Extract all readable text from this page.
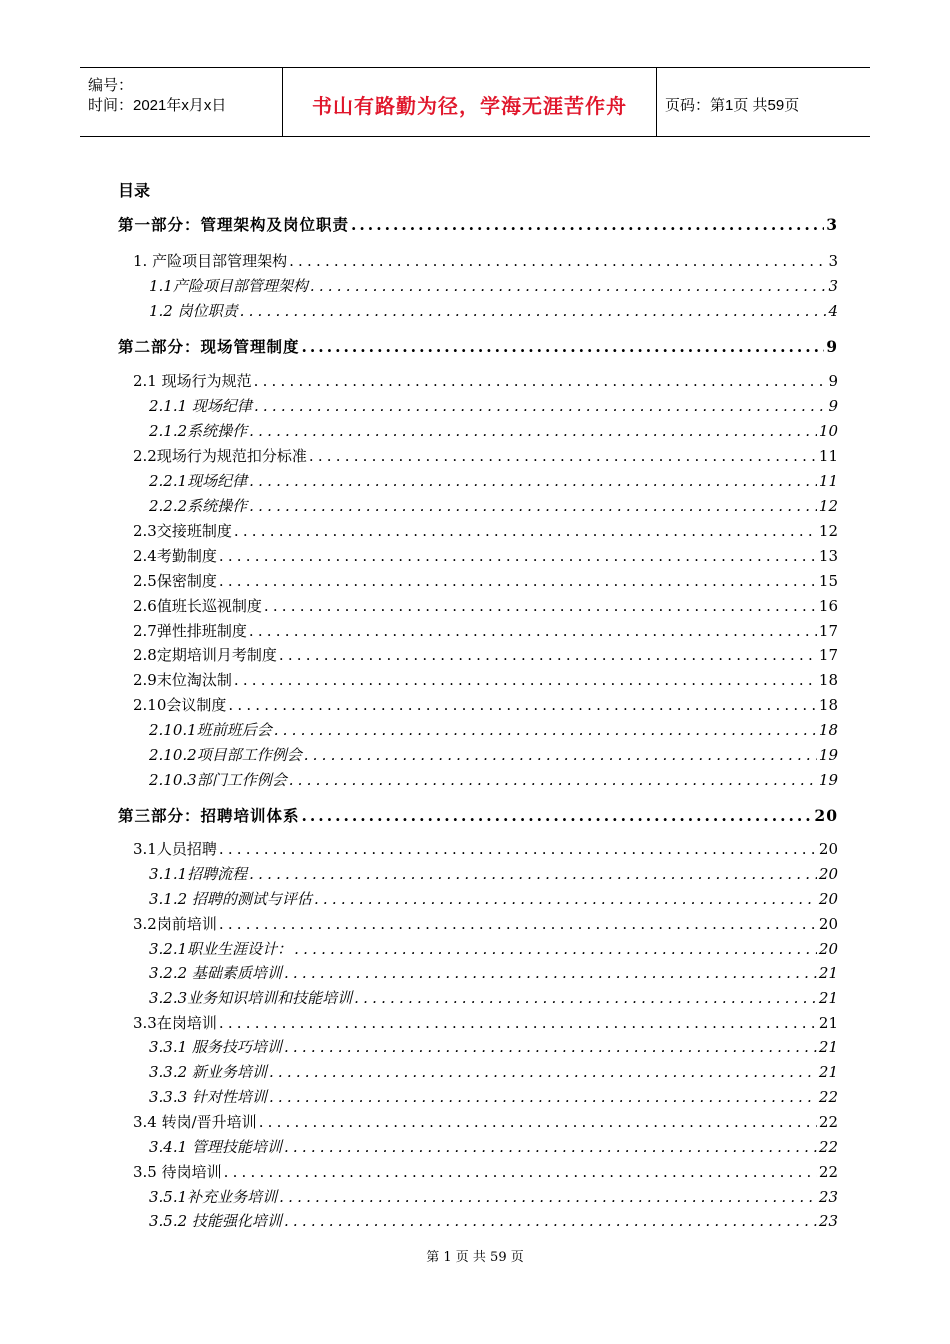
编号：
时间：2021年x月x日	书山有路勤为径，学海无涯苦作舟	页码：第1页 共59页
目录
第一部分：管理架构及岗位职责 .....	3
1. 产险项目部管理架构 .....	3
1.1产险项目部管理架构 .....	3
1.2 岗位职责 .....	4
第二部分：现场管理制度 .....	9
2.1 现场行为规范 .....	9
2.1.1 现场纪律 .....	9
2.1.2系统操作 .....	10
2.2现场行为规范扣分标准 .....	11
2.2.1现场纪律 .....	11
2.2.2系统操作 .....	12
2.3交接班制度 .....	12
2.4考勤制度 .....	13
2.5保密制度 .....	15
2.6值班长巡视制度 .....	16
2.7弹性排班制度 .....	17
2.8定期培训月考制度 .....	17
2.9末位淘汰制 .....	18
2.10会议制度 .....	18
2.10.1班前班后会 .....	18
2.10.2项目部工作例会 .....	19
2.10.3部门工作例会 .....	19
第三部分：招聘培训体系 .....	20
3.1人员招聘 .....	20
3.1.1招聘流程 .....	20
3.1.2 招聘的测试与评估 .....	20
3.2岗前培训 .....	20
3.2.1职业生涯设计： .....	20
3.2.2 基础素质培训 .....	21
3.2.3业务知识培训和技能培训 .....	21
3.3在岗培训 .....	21
3.3.1 服务技巧培训 .....	21
3.3.2 新业务培训 .....	21
3.3.3 针对性培训 .....	22
3.4 转岗/晋升培训 .....	22
3.4.1 管理技能培训 .....	22
3.5 待岗培训 .....	22
3.5.1补充业务培训 .....	23
3.5.2 技能强化培训 .....	23
第 1 页 共 59 页
